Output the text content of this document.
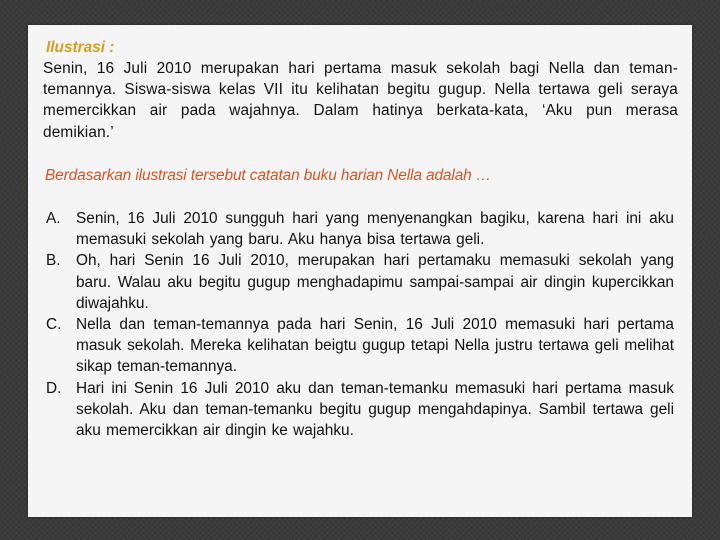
Ilustrasi :
Senin, 16 Juli 2010 merupakan hari pertama masuk sekolah bagi Nella dan teman-temannya. Siswa-siswa kelas VII itu kelihatan begitu gugup. Nella tertawa geli seraya memercikkan air pada wajahnya. Dalam hatinya berkata-kata, ‘Aku pun merasa demikian.’
Berdasarkan ilustrasi tersebut catatan buku harian Nella adalah …
A.	Senin, 16 Juli 2010 sungguh hari yang menyenangkan bagiku, karena hari ini aku memasuki sekolah yang baru. Aku hanya bisa tertawa geli.
B.	Oh, hari Senin 16 Juli 2010, merupakan hari pertamaku memasuki sekolah yang baru. Walau aku begitu gugup menghadapimu sampai-sampai air dingin kupercikkan diwajahku.
C. Nella dan teman-temannya pada hari Senin, 16 Juli 2010 memasuki hari pertama masuk sekolah. Mereka kelihatan beigtu gugup tetapi Nella justru tertawa geli melihat sikap teman-temannya.
D. Hari ini Senin 16 Juli 2010 aku dan teman-temanku memasuki hari pertama masuk sekolah. Aku dan teman-temanku begitu gugup mengahdapinya. Sambil tertawa geli aku memercikkan air dingin ke wajahku.
